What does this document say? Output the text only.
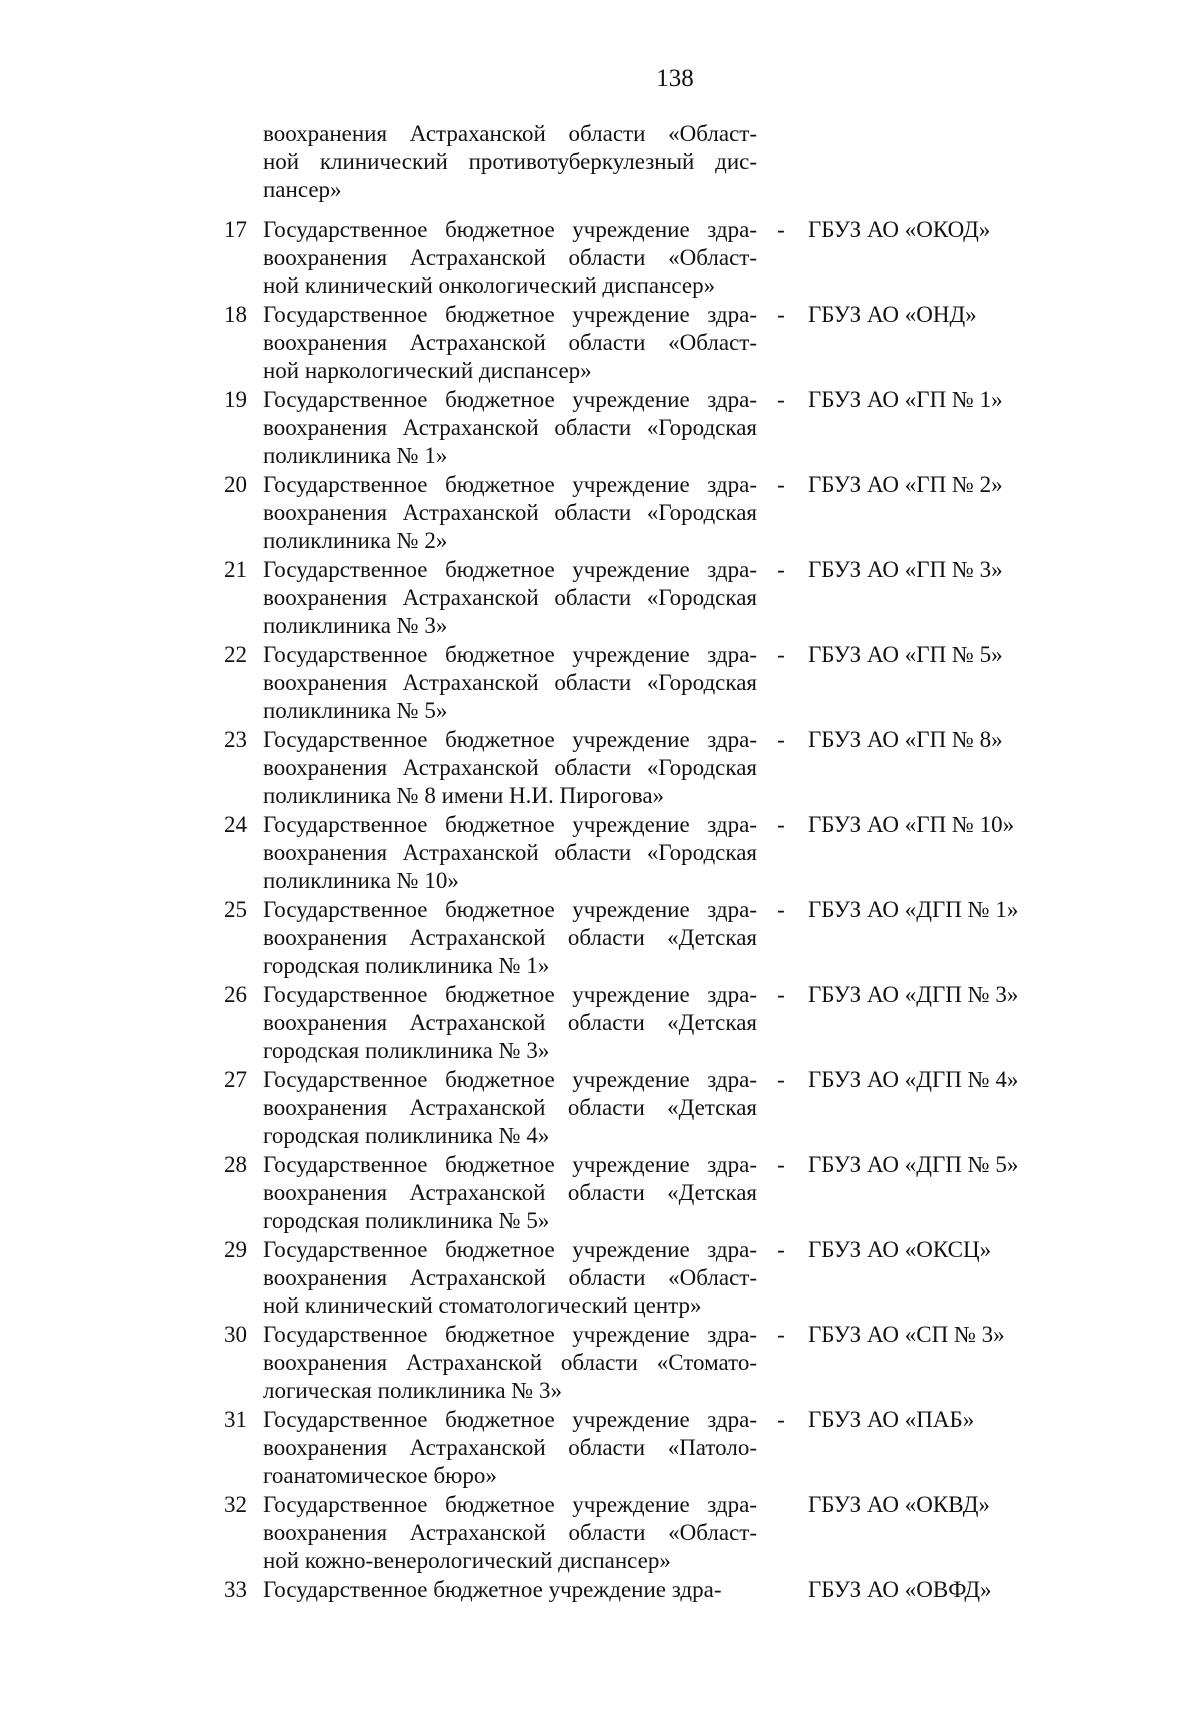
138
воохранения Астраханской области «Област-
ной клинический противотуберкулезный дис-
пансер»
17 Государственное бюджетное учреждение здра-
воохранения Астраханской области «Област-
ной клинический онкологический диспансер»
- ГБУЗ АО «ОКОД»
18 Государственное бюджетное учреждение здра-
воохранения Астраханской области «Област-
ной наркологический диспансер»
- ГБУЗ АО «ОНД»
19 Государственное бюджетное учреждение здра-
воохранения Астраханской области «Городская
поликлиника № 1»
- ГБУЗ АО «ГП № 1»
20 Государственное бюджетное учреждение здра-
воохранения Астраханской области «Городская
поликлиника № 2»
- ГБУЗ АО «ГП № 2»
21 Государственное бюджетное учреждение здра-
воохранения Астраханской области «Городская
поликлиника № 3»
- ГБУЗ АО «ГП № 3»
22 Государственное бюджетное учреждение здра-
воохранения Астраханской области «Городская
поликлиника № 5»
- ГБУЗ АО «ГП № 5»
23 Государственное бюджетное учреждение здра-
воохранения Астраханской области «Городская
поликлиника № 8 имени Н.И. Пирогова»
- ГБУЗ АО «ГП № 8»
24 Государственное бюджетное учреждение здра-
воохранения Астраханской области «Городская
поликлиника № 10»
- ГБУЗ АО «ГП № 10»
25 Государственное бюджетное учреждение здра-
воохранения Астраханской области «Детская
городская поликлиника № 1»
- ГБУЗ АО «ДГП № 1»
26 Государственное бюджетное учреждение здра-
воохранения Астраханской области «Детская
городская поликлиника № 3»
- ГБУЗ АО «ДГП № 3»
27 Государственное бюджетное учреждение здра-
воохранения Астраханской области «Детская
городская поликлиника № 4»
- ГБУЗ АО «ДГП № 4»
28 Государственное бюджетное учреждение здра-
воохранения Астраханской области «Детская
городская поликлиника № 5»
- ГБУЗ АО «ДГП № 5»
29 Государственное бюджетное учреждение здра-
воохранения Астраханской области «Област-
ной клинический стоматологический центр»
- ГБУЗ АО «ОКСЦ»
30 Государственное бюджетное учреждение здра-
воохранения Астраханской области «Стомато-
логическая поликлиника № 3»
- ГБУЗ АО «СП № 3»
31 Государственное бюджетное учреждение здра-
воохранения Астраханской области «Патоло-
гоанатомическое бюро»
- ГБУЗ АО «ПАБ»
32 Государственное бюджетное учреждение здра-
воохранения Астраханской области «Област-
ной кожно-венерологический диспансер»
ГБУЗ АО «ОКВД»
33 Государственное бюджетное учреждение здра-	ГБУЗ АО «ОВФД»
